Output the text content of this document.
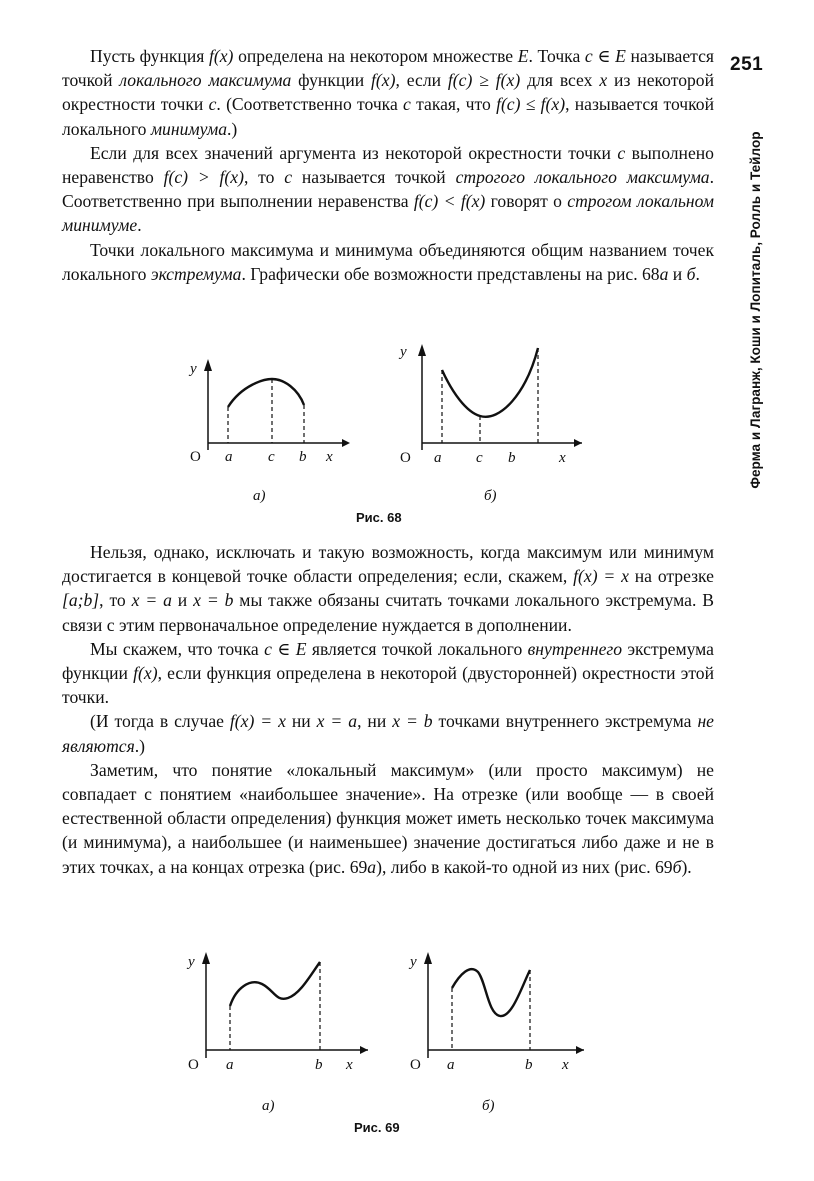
251
Ферма и Лагранж, Коши и Лопиталь, Ролль и Тейлор

Пусть функция f(x) определена на некотором множестве E. Точка c ∈ E называется точкой локального максимума функции f(x), если f(c) ≥ f(x) для всех x из некоторой окрестности точки c. (Соответственно точка c такая, что f(c) ≤ f(x), называется точкой локального минимума.)

Если для всех значений аргумента из некоторой окрестности точки c выполнено неравенство f(c) > f(x), то c называется точкой строгого локального максимума. Соответственно при выполнении неравенства f(c) < f(x) говорят о строгом локальном минимуме.

Точки локального максимума и минимума объединяются общим названием точек локального экстремума. Графически обе возможности представлены на рис. 68а и б.

y
O a c b x
а)
y
O a c b	x
б)
Рис. 68

Нельзя, однако, исключать и такую возможность, когда максимум или минимум достигается в концевой точке области определения; если, скажем, f(x) = x на отрезке [a;b], то x = a и x = b мы также обязаны считать точками локального экстремума. В связи с этим первоначальное определение нуждается в дополнении.

Мы скажем, что точка c ∈ E является точкой локального внутреннего экстремума функции f(x), если функция определена в некоторой (двусторонней) окрестности этой точки.

(И тогда в случае f(x) = x ни x = a, ни x = b точками внутреннего экстремума не являются.)

Заметим, что понятие «локальный максимум» (или просто максимум) не совпадает с понятием «наибольшее значение». На отрезке (или вообще — в своей естественной области определения) функция может иметь несколько точек максимума (и минимума), а наибольшее (и наименьшее) значение достигаться либо даже и не в этих точках, а на концах отрезка (рис. 69а), либо в какой-то одной из них (рис. 69б).

y
O a	b x
а)
y
O a	b x
б)
Рис. 69
